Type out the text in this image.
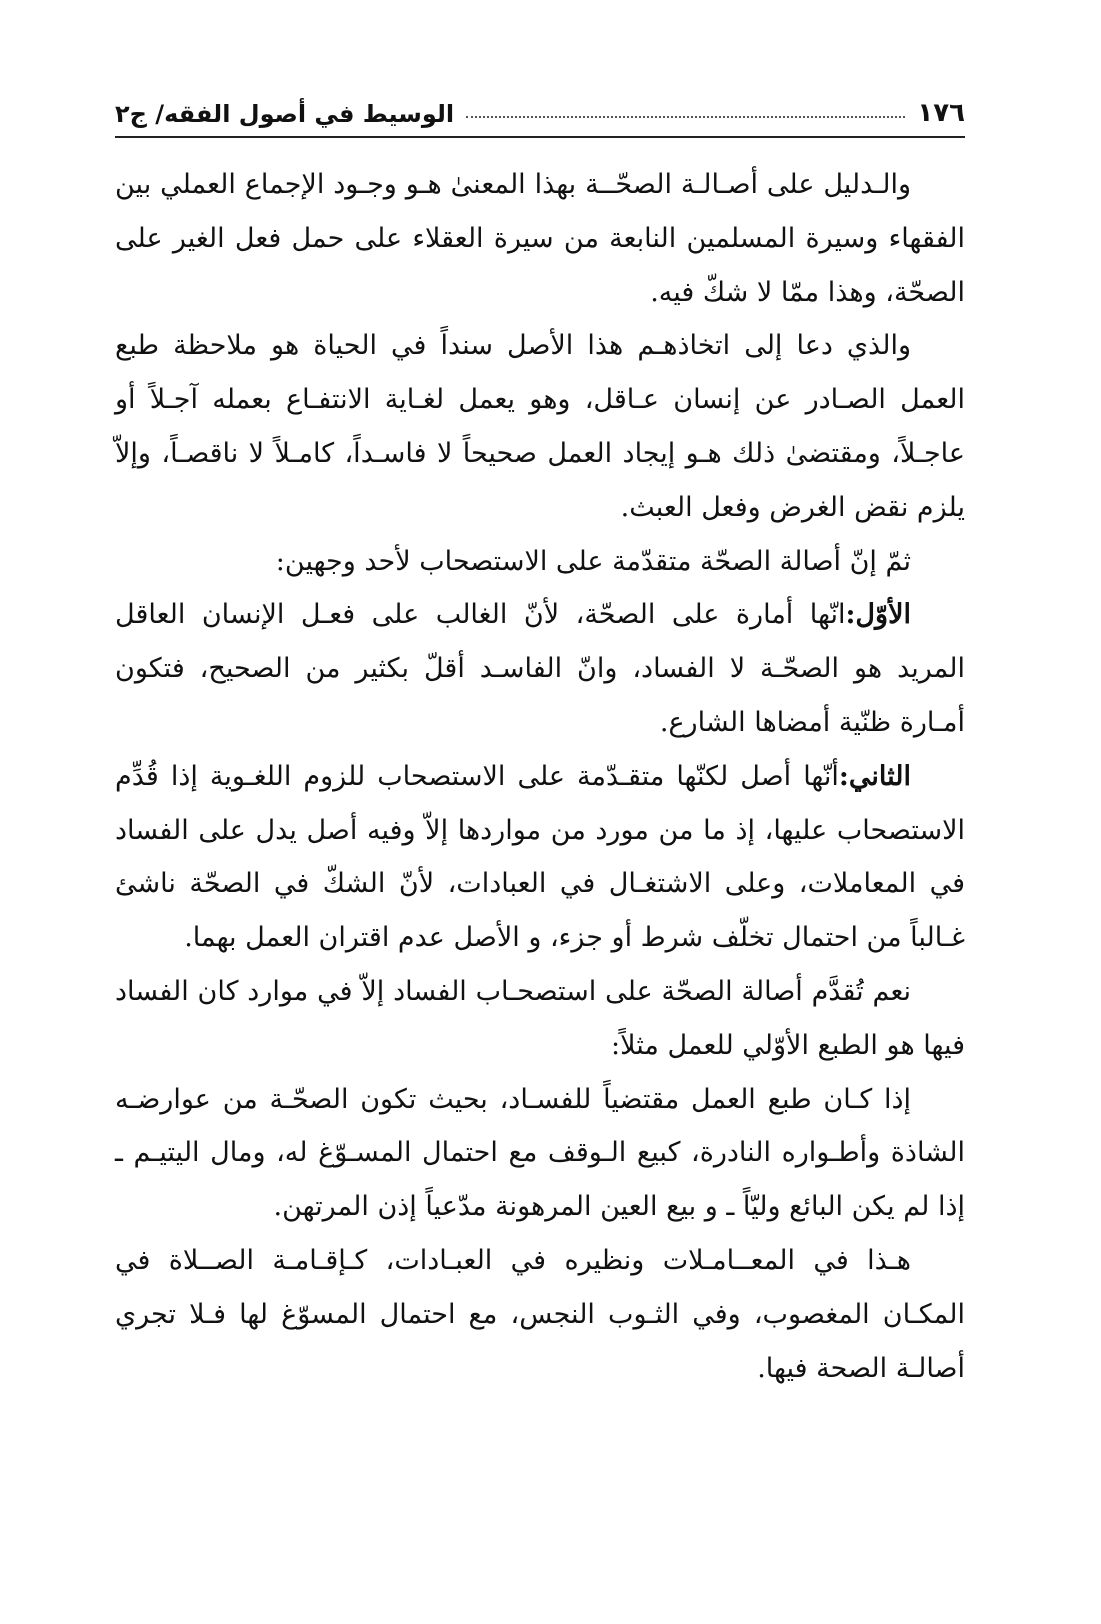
١٧٦
الوسيط في أصول الفقه/ ج٢

والـدليل على أصـالـة الصحّــة بهذا المعنىٰ هـو وجـود الإجماع العملي بين الفقهاء وسيرة المسلمين النابعة من سيرة العقلاء على حمل فعل الغير على الصحّة، وهذا ممّا لا شكّ فيه.

والذي دعا إلى اتخاذهـم هذا الأصل سنداً في الحياة هو ملاحظة طبع العمل الصـادر عن إنسان عـاقل، وهو يعمل لغـاية الانتفـاع بعمله آجـلاً أو عاجـلاً، ومقتضىٰ ذلك هـو إيجاد العمل صحيحاً لا فاسـداً، كامـلاً لا ناقصـاً، وإلاّ يلزم نقض الغرض وفعل العبث.

ثمّ إنّ أصالة الصحّة متقدّمة على الاستصحاب لأحد وجهين:

الأوّل:انّها أمارة على الصحّة، لأنّ الغالب على فعـل الإنسان العاقل المريد هو الصحّـة لا الفساد، وانّ الفاسـد أقلّ بكثير من الصحيح، فتكون أمـارة ظنّية أمضاها الشارع.

الثاني:أنّها أصل لكنّها متقـدّمة على الاستصحاب للزوم اللغـوية إذا قُدِّم الاستصحاب عليها، إذ ما من مورد من مواردها إلاّ وفيه أصل يدل على الفساد في المعاملات، وعلى الاشتغـال في العبادات، لأنّ الشكّ في الصحّة ناشئ غـالباً من احتمال تخلّف شرط أو جزء، و الأصل عدم اقتران العمل بهما.

نعم تُقدَّم أصالة الصحّة على استصحـاب الفساد إلاّ في موارد كان الفساد فيها هو الطبع الأوّلي للعمل مثلاً:

إذا كـان طبع العمل مقتضياً للفسـاد، بحيث تكون الصحّـة من عوارضـه الشاذة وأطـواره النادرة، كبيع الـوقف مع احتمال المسـوّغ له، ومال اليتيـم ـ إذا لم يكن البائع وليّاً ـ و بيع العين المرهونة مدّعياً إذن المرتهن.

هـذا في المعــامـلات ونظيره في العبـادات، كـإقـامـة الصــلاة في المكـان المغصوب، وفي الثـوب النجس، مع احتمال المسوّغ لها فـلا تجري أصالـة الصحة فيها.
